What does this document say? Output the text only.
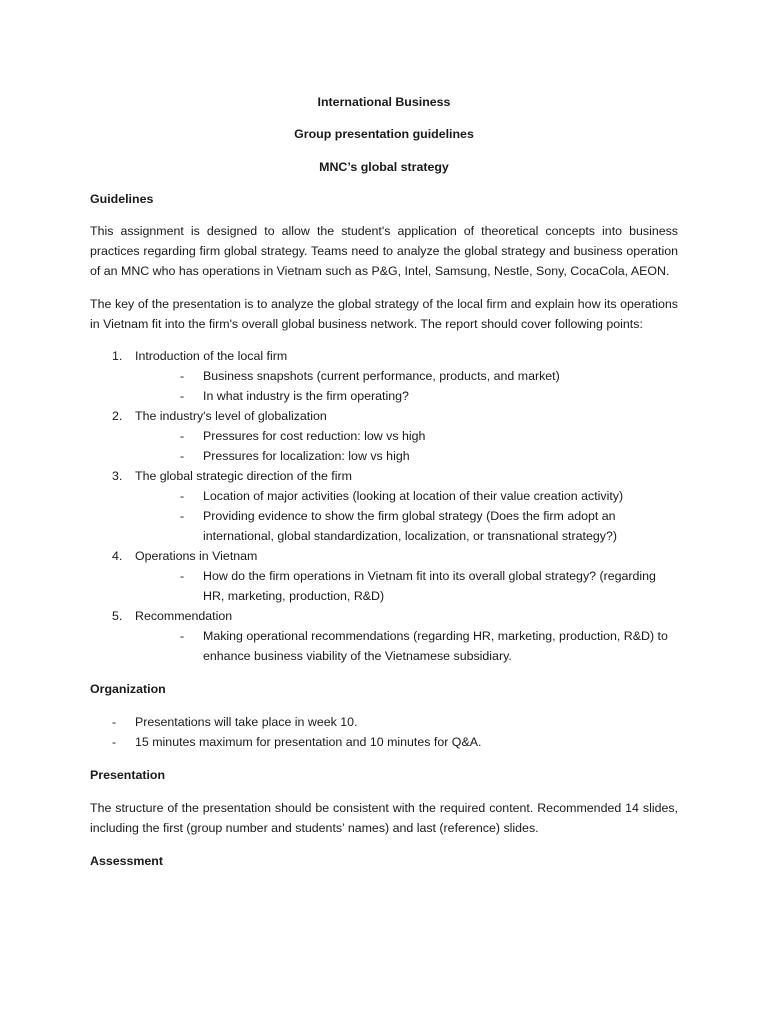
International Business

Group presentation guidelines

MNC’s global strategy

Guidelines

This assignment is designed to allow the student's application of theoretical concepts into business practices regarding firm global strategy. Teams need to analyze the global strategy and business operation of an MNC who has operations in Vietnam such as P&G, Intel, Samsung, Nestle, Sony, CocaCola, AEON.

The key of the presentation is to analyze the global strategy of the local firm and explain how its operations in Vietnam fit into the firm's overall global business network. The report should cover following points:

1. Introduction of the local firm
- Business snapshots (current performance, products, and market)
- In what industry is the firm operating?
2. The industry's level of globalization
- Pressures for cost reduction: low vs high
- Pressures for localization: low vs high
3. The global strategic direction of the firm
- Location of major activities (looking at location of their value creation activity)
- Providing evidence to show the firm global strategy (Does the firm adopt an international, global standardization, localization, or transnational strategy?)
4. Operations in Vietnam
- How do the firm operations in Vietnam fit into its overall global strategy? (regarding HR, marketing, production, R&D)
5. Recommendation
- Making operational recommendations (regarding HR, marketing, production, R&D) to enhance business viability of the Vietnamese subsidiary.
Organization
- Presentations will take place in week 10.
- 15 minutes maximum for presentation and 10 minutes for Q&A.
Presentation

The structure of the presentation should be consistent with the required content. Recommended 14 slides, including the first (group number and students’ names) and last (reference) slides.

Assessment
